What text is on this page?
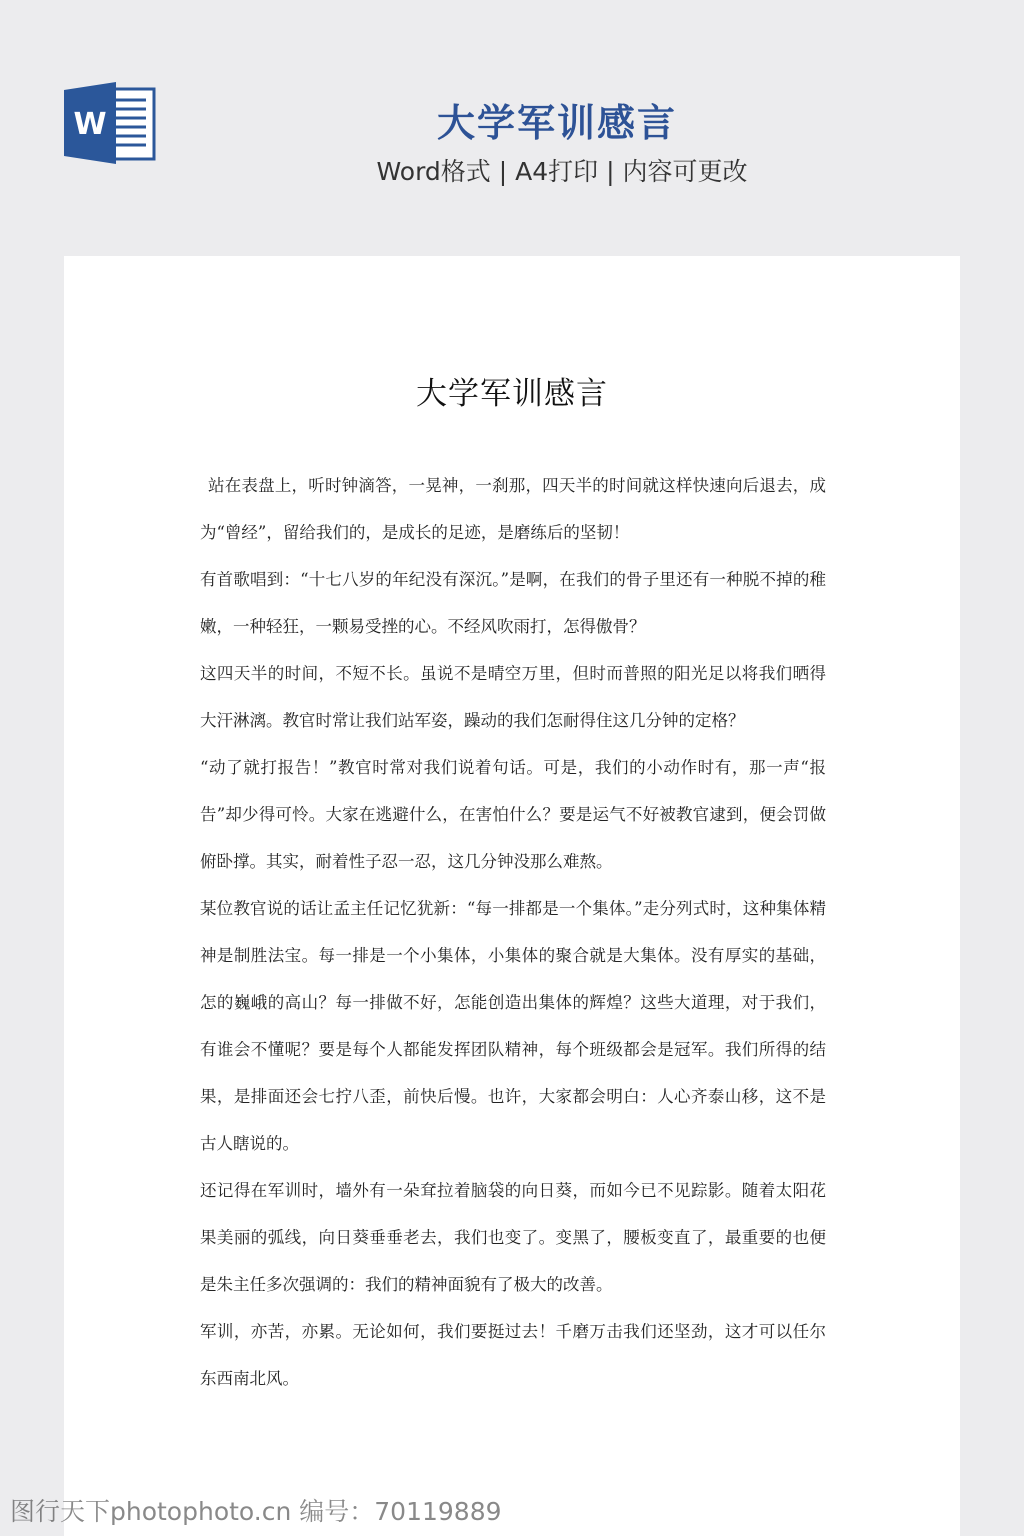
W	大学军训感言
Word格式 | A4打印 | 内容可更改
大学军训感言

站在表盘上，听时钟滴答，一晃神，一刹那，四天半的时间就这样快速向后退去，成为“曾经”，留给我们的，是成长的足迹，是磨练后的坚韧！

有首歌唱到：“十七八岁的年纪没有深沉。”是啊，在我们的骨子里还有一种脱不掉的稚嫩，一种轻狂，一颗易受挫的心。不经风吹雨打，怎得傲骨？

这四天半的时间，不短不长。虽说不是晴空万里，但时而普照的阳光足以将我们晒得大汗淋漓。教官时常让我们站军姿，躁动的我们怎耐得住这几分钟的定格？

“动了就打报告！”教官时常对我们说着句话。可是，我们的小动作时有，那一声“报告”却少得可怜。大家在逃避什么，在害怕什么？要是运气不好被教官逮到，便会罚做俯卧撑。其实，耐着性子忍一忍，这几分钟没那么难熬。

某位教官说的话让孟主任记忆犹新：“每一排都是一个集体。”走分列式时，这种集体精神是制胜法宝。每一排是一个小集体，小集体的聚合就是大集体。没有厚实的基础，怎的巍峨的高山？每一排做不好，怎能创造出集体的辉煌？这些大道理，对于我们，有谁会不懂呢？要是每个人都能发挥团队精神，每个班级都会是冠军。我们所得的结果，是排面还会七拧八歪，前快后慢。也许，大家都会明白：人心齐泰山移，这不是古人瞎说的。

还记得在军训时，墙外有一朵耷拉着脑袋的向日葵，而如今已不见踪影。随着太阳花果美丽的弧线，向日葵垂垂老去，我们也变了。变黑了，腰板变直了，最重要的也便是朱主任多次强调的：我们的精神面貌有了极大的改善。

军训，亦苦，亦累。无论如何，我们要挺过去！千磨万击我们还坚劲，这才可以任尔东西南北风。

图行天下photophoto.cn 编号：70119889
